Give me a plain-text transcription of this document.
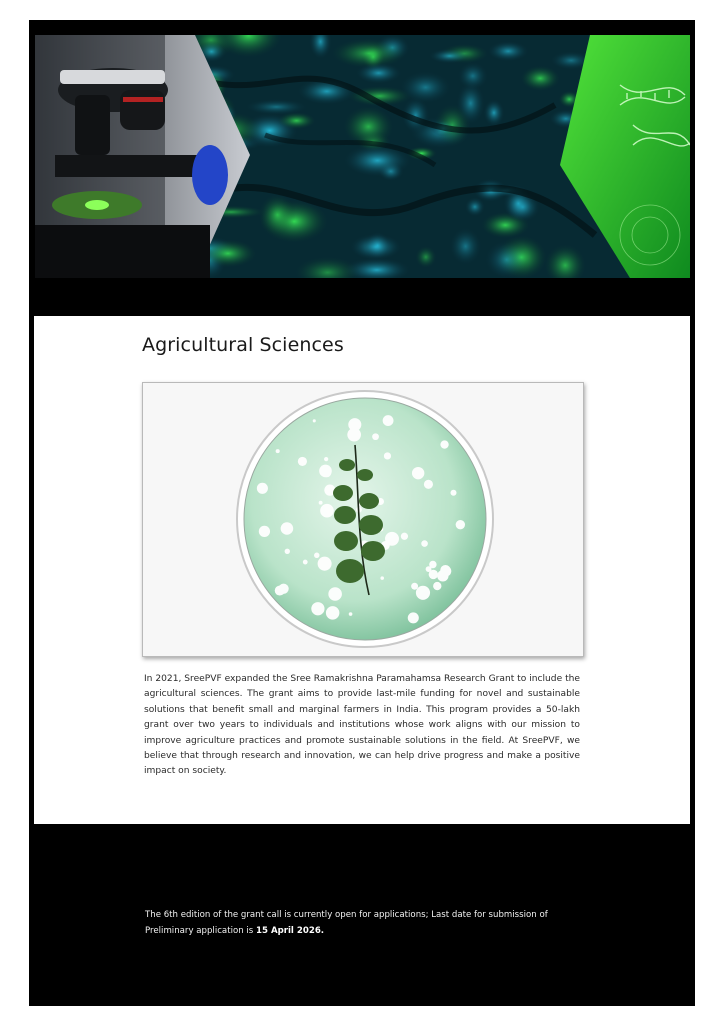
Agricultural Sciences

In 2021, SreePVF expanded the Sree Ramakrishna Paramahamsa Research Grant to include the agricultural sciences. The grant aims to provide last-mile funding for novel and sustainable solutions that benefit small and marginal farmers in India. This program provides a 50-lakh grant over two years to individuals and institutions whose work aligns with our mission to improve agriculture practices and promote sustainable solutions in the field. At SreePVF, we believe that through research and innovation, we can help drive progress and make a positive impact on society.

The 6th edition of the grant call is currently open for applications; Last date for submission of Preliminary application is 15 April 2026.
